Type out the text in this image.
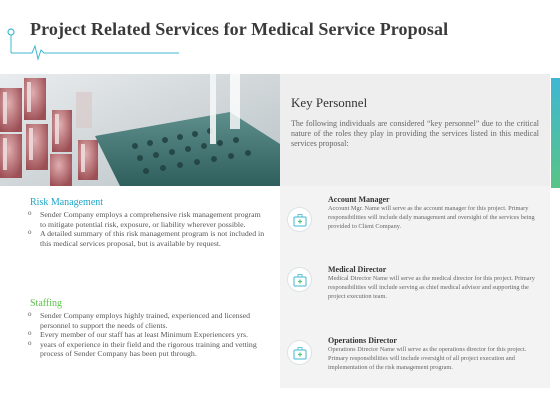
Project Related Services for Medical Service Proposal
Key Personnel
The following individuals are considered “key personnel” due to the critical nature of the roles they play in providing the services listed in this medical services proposal:
Account Manager
Account Mgr. Name will serve as the account manager for this project. Primary responsibilities will include daily management and oversight of the services being provided to Client Company.
Medical Director
Medical Director Name will serve as the medical director for this project. Primary responsibilities will include serving as chief medical advisor and supporting the project execution team.
Operations Director
Operations Director Name will serve as the operations director for this project. Primary responsibilities will include oversight of all project execution and implementation of the risk management program.
Risk Management
o Sender Company employs a comprehensive risk management program to mitigate potential risk, exposure, or liability wherever possible.
o A detailed summary of this risk management program is not included in this medical services proposal, but is available by request.
Staffing
o Sender Company employs highly trained, experienced and licensed personnel to support the needs of clients.
o Every member of our staff has at least Minimum Experiencers yrs.
o years of experience in their field and the rigorous training and vetting process of Sender Company has been put through.
